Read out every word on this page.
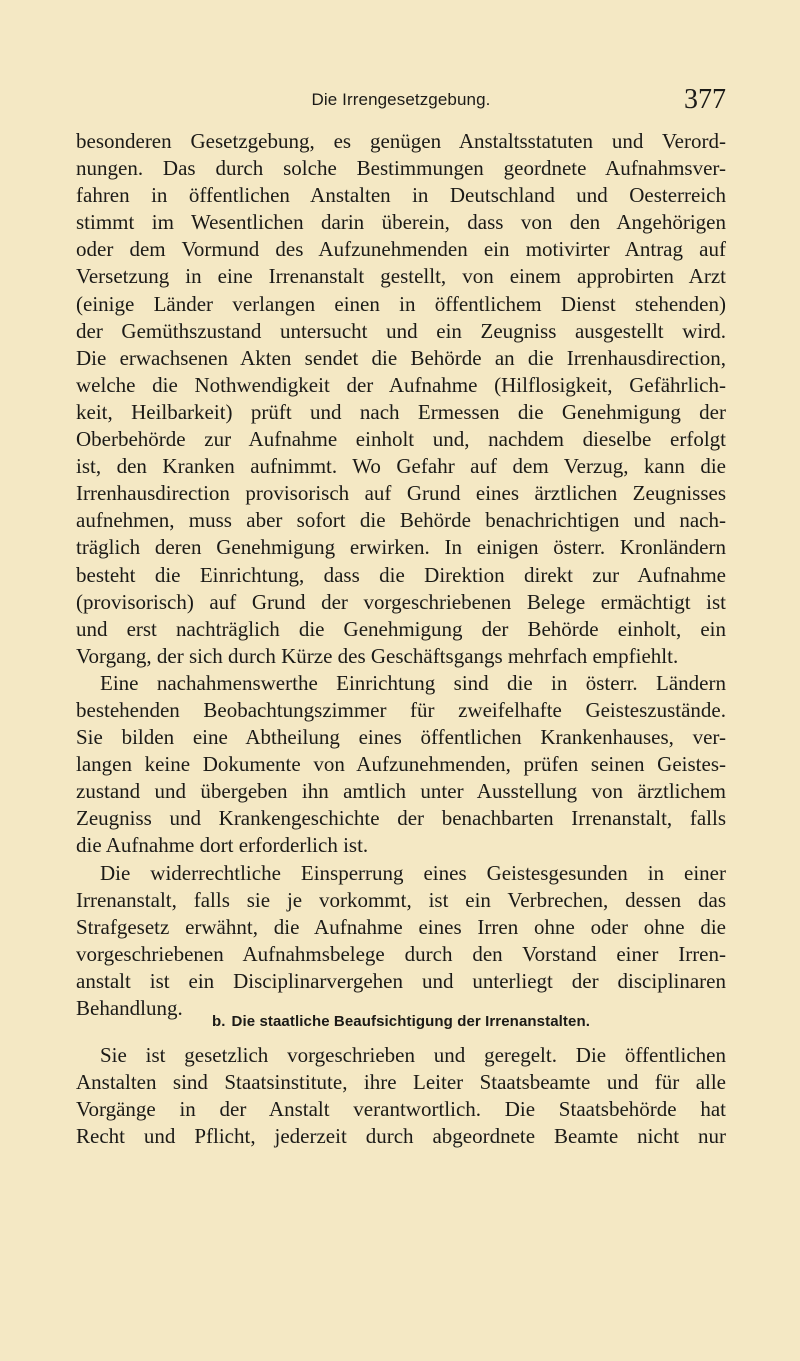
Die Irrengesetzgebung.	377
besonderen Gesetzgebung, es genügen Anstaltsstatuten und Verord-
nungen. Das durch solche Bestimmungen geordnete Aufnahmsver-
fahren in öffentlichen Anstalten in Deutschland und Oesterreich
stimmt im Wesentlichen darin überein, dass von den Angehörigen
oder dem Vormund des Aufzunehmenden ein motivirter Antrag auf
Versetzung in eine Irrenanstalt gestellt, von einem approbirten Arzt
(einige Länder verlangen einen in öffentlichem Dienst stehenden)
der Gemüthszustand untersucht und ein Zeugniss ausgestellt wird.
Die erwachsenen Akten sendet die Behörde an die Irrenhausdirection,
welche die Nothwendigkeit der Aufnahme (Hilflosigkeit, Gefährlich-
keit, Heilbarkeit) prüft und nach Ermessen die Genehmigung der
Oberbehörde zur Aufnahme einholt und, nachdem dieselbe erfolgt
ist, den Kranken aufnimmt. Wo Gefahr auf dem Verzug, kann die
Irrenhausdirection provisorisch auf Grund eines ärztlichen Zeugnisses
aufnehmen, muss aber sofort die Behörde benachrichtigen und nach-
träglich deren Genehmigung erwirken. In einigen österr. Kronländern
besteht die Einrichtung, dass die Direktion direkt zur Aufnahme
(provisorisch) auf Grund der vorgeschriebenen Belege ermächtigt ist
und erst nachträglich die Genehmigung der Behörde einholt, ein
Vorgang, der sich durch Kürze des Geschäftsgangs mehrfach empfiehlt.
Eine nachahmenswerthe Einrichtung sind die in österr. Ländern
bestehenden Beobachtungszimmer für zweifelhafte Geisteszustände.
Sie bilden eine Abtheilung eines öffentlichen Krankenhauses, ver-
langen keine Dokumente von Aufzunehmenden, prüfen seinen Geistes-
zustand und übergeben ihn amtlich unter Ausstellung von ärztlichem
Zeugniss und Krankengeschichte der benachbarten Irrenanstalt, falls
die Aufnahme dort erforderlich ist.
Die widerrechtliche Einsperrung eines Geistesgesunden in einer
Irrenanstalt, falls sie je vorkommt, ist ein Verbrechen, dessen das
Strafgesetz erwähnt, die Aufnahme eines Irren ohne oder ohne die
vorgeschriebenen Aufnahmsbelege durch den Vorstand einer Irren-
anstalt ist ein Disciplinarvergehen und unterliegt der disciplinaren
Behandlung.
b. Die staatliche Beaufsichtigung der Irrenanstalten.
Sie ist gesetzlich vorgeschrieben und geregelt. Die öffentlichen
Anstalten sind Staatsinstitute, ihre Leiter Staatsbeamte und für alle
Vorgänge in der Anstalt verantwortlich. Die Staatsbehörde hat
Recht und Pflicht, jederzeit durch abgeordnete Beamte nicht nur
